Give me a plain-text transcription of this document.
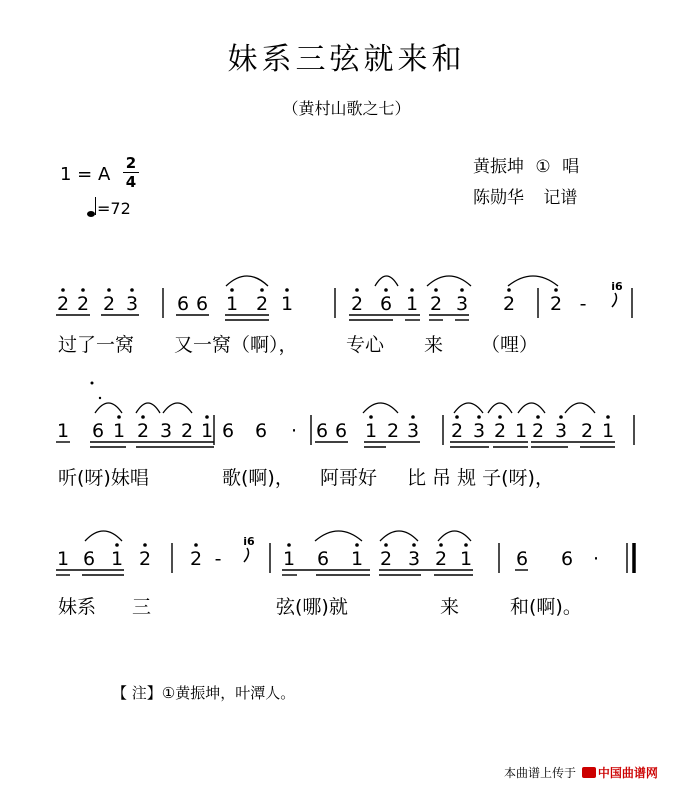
妹系三弦就来和
（黄村山歌之七）
1 = A
2
4
=72
黄振坤 ① 唱
陈勋华 记谱
2 2 2 3 6 6 1 2 1	2 6 1 2 3 2 2 -
i6
1 6 1 2 3 2 1 6 6 · 6 6 1 2 3 2 3 2 1 2 3 2 1
1 6 1 2 2 -
i6
1 6 1 2 3 2 1 6 6 ·
过了一窝 又一窝（啊），	专心 来 （哩）
听(呀)妹唱	歌(啊)， 阿哥好 比 吊 规 子(呀)，
妹系 三	弦(哪)就	来	和(啊)。
【 注】①黄振坤，叶潭人。
本曲谱上传于 中国曲谱网
